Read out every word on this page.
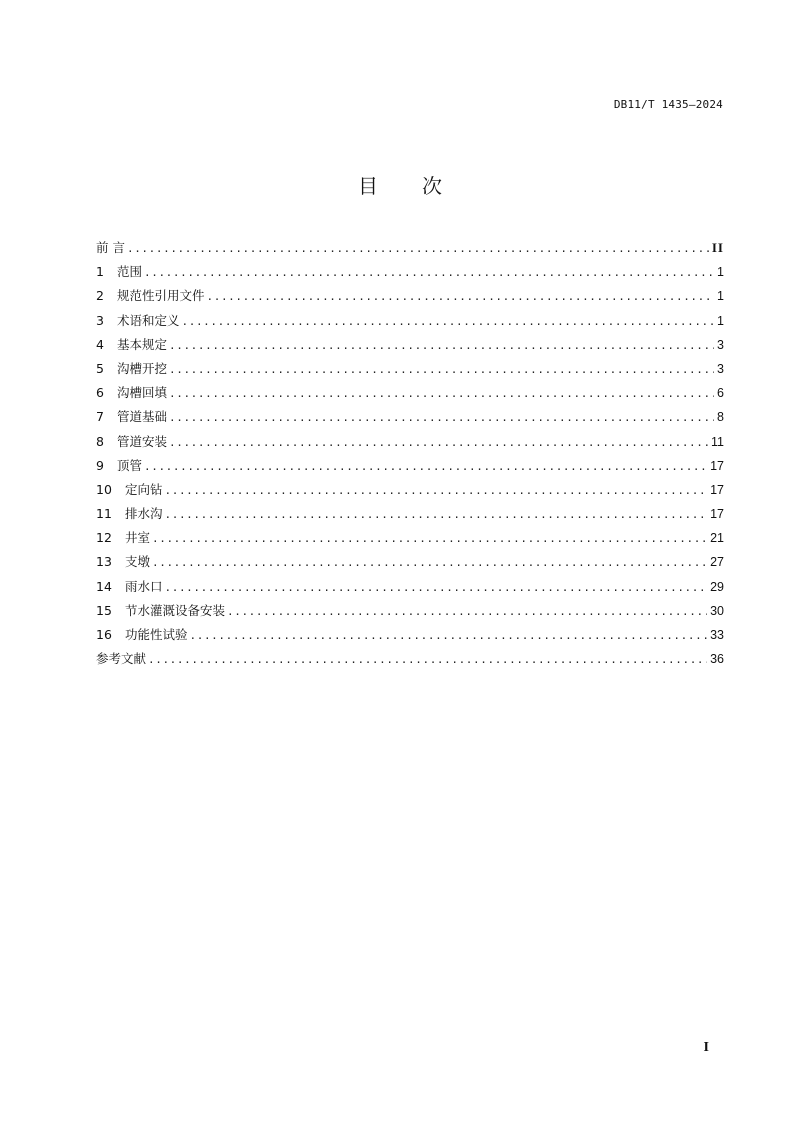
DB11/T 1435—2024
目 次
前 言 .....	II
1	范围 .....	1
2	规范性引用文件 .....	1
3	术语和定义 .....	1
4	基本规定 .....	3
5	沟槽开挖 .....	3
6	沟槽回填 .....	6
7	管道基础 .....	8
8	管道安装 .....	11
9	顶管 .....	17
10	定向钻 .....	17
11	排水沟 .....	17
12	井室 .....	21
13	支墩 .....	27
14	雨水口 .....	29
15	节水灌溉设备安装 .....	30
16	功能性试验 .....	33
参考文献 .....	36
I
